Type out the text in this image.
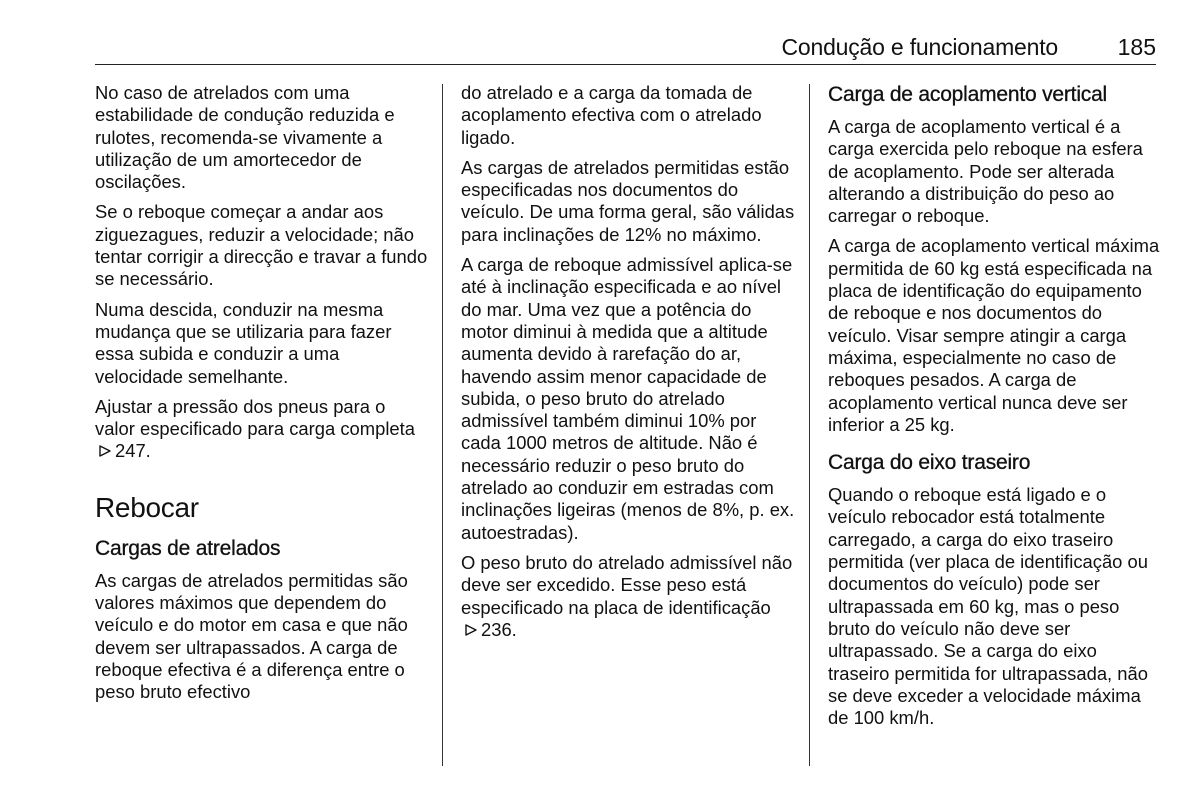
Condução e funcionamento	185

No caso de atrelados com uma estabilidade de condução reduzida e rulotes, recomenda-se vivamente a utilização de um amortecedor de oscilações.

Se o reboque começar a andar aos ziguezagues, reduzir a velocidade; não tentar corrigir a direcção e travar a fundo se necessário.

Numa descida, conduzir na mesma mudança que se utilizaria para fazer essa subida e conduzir a uma velocidade semelhante.

Ajustar a pressão dos pneus para o valor especificado para carga completa 247.

Rebocar
Cargas de atrelados

As cargas de atrelados permitidas são valores máximos que dependem do veículo e do motor em casa e que não devem ser ultrapassados. A carga de reboque efectiva é a diferença entre o peso bruto efectivo

do atrelado e a carga da tomada de acoplamento efectiva com o atrelado ligado.

As cargas de atrelados permitidas estão especificadas nos documentos do veículo. De uma forma geral, são válidas para inclinações de 12% no máximo.

A carga de reboque admissível aplica-se até à inclinação especificada e ao nível do mar. Uma vez que a potência do motor diminui à medida que a altitude aumenta devido à rarefação do ar, havendo assim menor capacidade de subida, o peso bruto do atrelado admissível também diminui 10% por cada 1000 metros de altitude. Não é necessário reduzir o peso bruto do atrelado ao conduzir em estradas com inclinações ligeiras (menos de 8%, p. ex. autoestradas).

O peso bruto do atrelado admissível não deve ser excedido. Esse peso está especificado na placa de identificação 236.

Carga de acoplamento vertical

A carga de acoplamento vertical é a carga exercida pelo reboque na esfera de acoplamento. Pode ser alterada alterando a distribuição do peso ao carregar o reboque.

A carga de acoplamento vertical máxima permitida de 60 kg está especificada na placa de identificação do equipamento de reboque e nos documentos do veículo. Visar sempre atingir a carga máxima, especialmente no caso de reboques pesados. A carga de acoplamento vertical nunca deve ser inferior a 25 kg.

Carga do eixo traseiro

Quando o reboque está ligado e o veículo rebocador está totalmente carregado, a carga do eixo traseiro permitida (ver placa de identificação ou documentos do veículo) pode ser ultrapassada em 60 kg, mas o peso bruto do veículo não deve ser ultrapassado. Se a carga do eixo traseiro permitida for ultrapassada, não se deve exceder a velocidade máxima de 100 km/h.
